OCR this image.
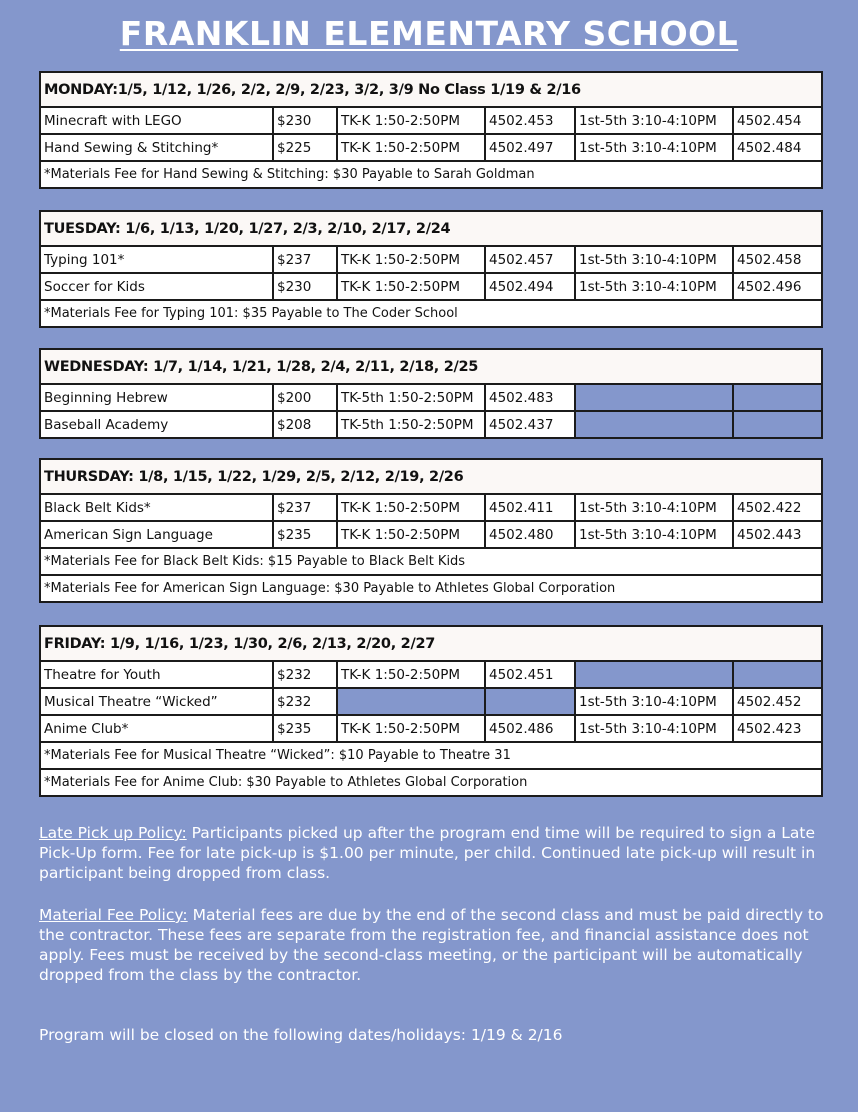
FRANKLIN ELEMENTARY SCHOOL
MONDAY:1/5, 1/12, 1/26, 2/2, 2/9, 2/23, 3/2, 3/9 No Class 1/19 & 2/16					
Minecraft with LEGO	$230	TK-K 1:50-2:50PM	4502.453	1st-5th 3:10-4:10PM	4502.454
Hand Sewing & Stitching*	$225	TK-K 1:50-2:50PM	4502.497	1st-5th 3:10-4:10PM	4502.484
*Materials Fee for Hand Sewing & Stitching: $30 Payable to Sarah Goldman					
TUESDAY: 1/6, 1/13, 1/20, 1/27, 2/3, 2/10, 2/17, 2/24					
Typing 101*	$237	TK-K 1:50-2:50PM	4502.457	1st-5th 3:10-4:10PM	4502.458
Soccer for Kids	$230	TK-K 1:50-2:50PM	4502.494	1st-5th 3:10-4:10PM	4502.496
*Materials Fee for Typing 101: $35 Payable to The Coder School					
WEDNESDAY: 1/7, 1/14, 1/21, 1/28, 2/4, 2/11, 2/18, 2/25					
Beginning Hebrew	$200	TK-5th 1:50-2:50PM	4502.483		
Baseball Academy	$208	TK-5th 1:50-2:50PM	4502.437		
THURSDAY: 1/8, 1/15, 1/22, 1/29, 2/5, 2/12, 2/19, 2/26					
Black Belt Kids*	$237	TK-K 1:50-2:50PM	4502.411	1st-5th 3:10-4:10PM	4502.422
American Sign Language	$235	TK-K 1:50-2:50PM	4502.480	1st-5th 3:10-4:10PM	4502.443
*Materials Fee for Black Belt Kids: $15 Payable to Black Belt Kids					
*Materials Fee for American Sign Language: $30 Payable to Athletes Global Corporation					
FRIDAY: 1/9, 1/16, 1/23, 1/30, 2/6, 2/13, 2/20, 2/27					
Theatre for Youth	$232	TK-K 1:50-2:50PM	4502.451		
Musical Theatre “Wicked”	$232			1st-5th 3:10-4:10PM	4502.452
Anime Club*	$235	TK-K 1:50-2:50PM	4502.486	1st-5th 3:10-4:10PM	4502.423
*Materials Fee for Musical Theatre “Wicked”: $10 Payable to Theatre 31					
*Materials Fee for Anime Club: $30 Payable to Athletes Global Corporation					

Late Pick up Policy: Participants picked up after the program end time will be required to sign a Late Pick-Up form. Fee for late pick-up is $1.00 per minute, per child. Continued late pick-up will result in participant being dropped from class.

Material Fee Policy: Material fees are due by the end of the second class and must be paid directly to the contractor. These fees are separate from the registration fee, and financial assistance does not apply. Fees must be received by the second-class meeting, or the participant will be automatically dropped from the class by the contractor.

Program will be closed on the following dates/holidays: 1/19 & 2/16
